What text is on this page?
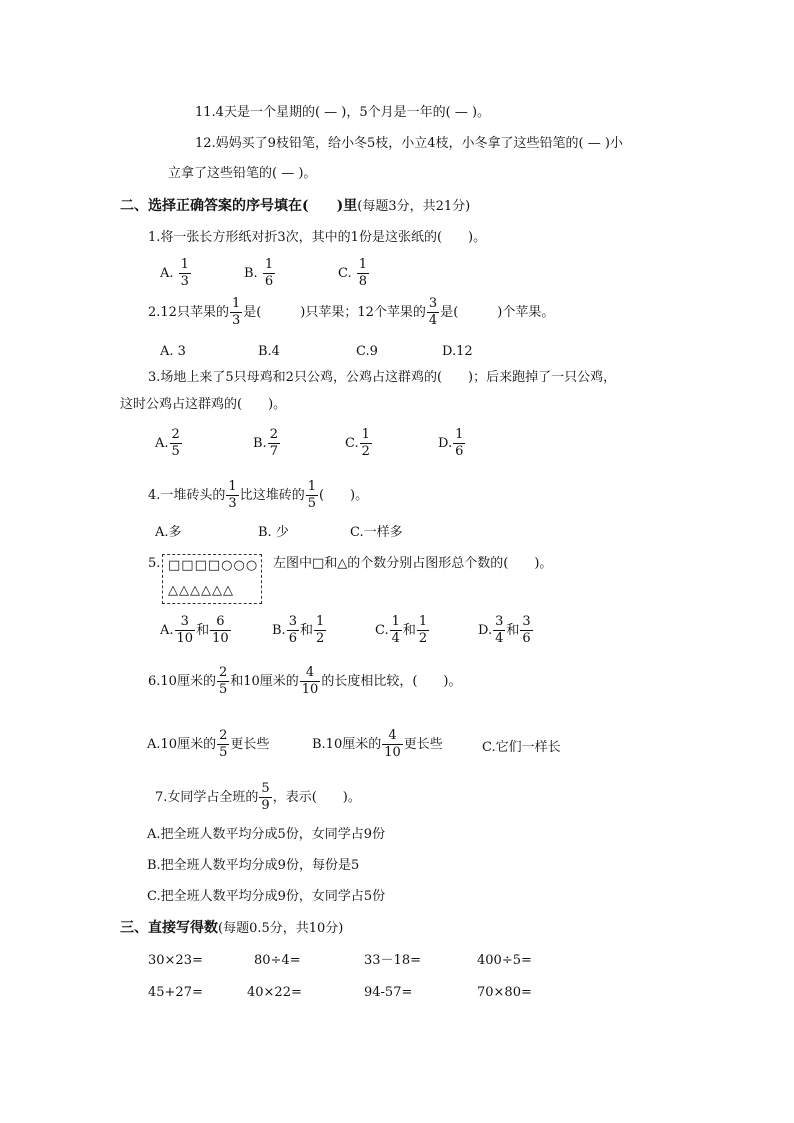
11.4天是一个星期的( — )，5个月是一年的( — )。
12.妈妈买了9枝铅笔，给小冬5枝，小立4枝，小冬拿了这些铅笔的( — )小
立拿了这些铅笔的( — )。
二、选择正确答案的序号填在(　　)里(每题3分，共21分)
1.将一张长方形纸对折3次，其中的1份是这张纸的(　　)。
A. $\frac{1}{3}$	B. $\frac{1}{6}$	C. $\frac{1}{8}$
2.12只苹果的 $\frac{1}{3}$ 是(　　　)只苹果；12个苹果的 $\frac{3}{4}$ 是(　　　)个苹果。
A. 3	B.4	C.9	D.12
3.场地上来了5只母鸡和2只公鸡，公鸡占这群鸡的(　　)；后来跑掉了一只公鸡，
这时公鸡占这群鸡的(　　)。
A. $\frac{2}{5}$	B. $\frac{2}{7}$	C. $\frac{1}{2}$	D. $\frac{1}{6}$
4.一堆砖头的 $\frac{1}{3}$ 比这堆砖的 $\frac{1}{5}$ (　　)。
A.多	B. 少	C.一样多
5. □□□□○○○
△△△△△△
左图中□和△的个数分别占图形总个数的(　　)。
A. $\frac{3}{10}$ 和 $\frac{6}{10}$	B. $\frac{3}{6}$ 和 $\frac{1}{2}$	C. $\frac{1}{4}$ 和 $\frac{1}{2}$	D. $\frac{3}{4}$ 和 $\frac{3}{6}$
6.10厘米的 $\frac{2}{5}$ 和10厘米的 $\frac{4}{10}$ 的长度相比较，(　　)。
A.10厘米的 $\frac{2}{5}$ 更长些	B.10厘米的 $\frac{4}{10}$ 更长些	C.它们一样长
7.女同学占全班的 $\frac{5}{9}$ ，表示(　　)。
A.把全班人数平均分成5份，女同学占9份
B.把全班人数平均分成9份，每份是5
C.把全班人数平均分成9份，女同学占5份
三、直接写得数(每题0.5分，共10分)
30×23=	80÷4=	33－18=	400÷5=
45+27=	40×22=	94-57=	70×80=
